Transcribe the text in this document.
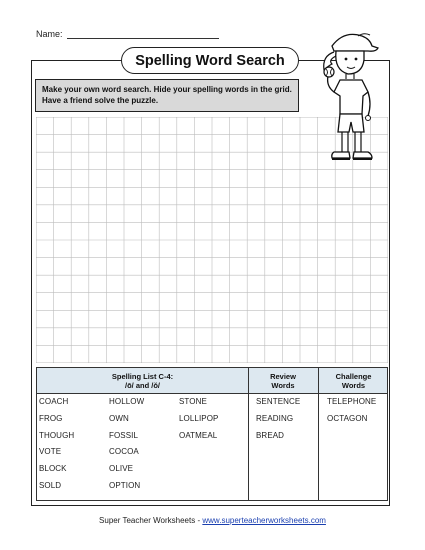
Name:
Spelling Word Search
Make your own word search. Hide your spelling words in the grid. Have a friend solve the puzzle.
Spelling List C-4:
/ō/ and /ŏ/
Review
Words
Challenge
Words
COACH
FROG
THOUGH
VOTE
BLOCK
SOLD
HOLLOW
OWN
FOSSIL
COCOA
OLIVE
OPTION
STONE
LOLLIPOP
OATMEAL
SENTENCE
READING
BREAD
TELEPHONE
OCTAGON
Super Teacher Worksheets - www.superteacherworksheets.com
